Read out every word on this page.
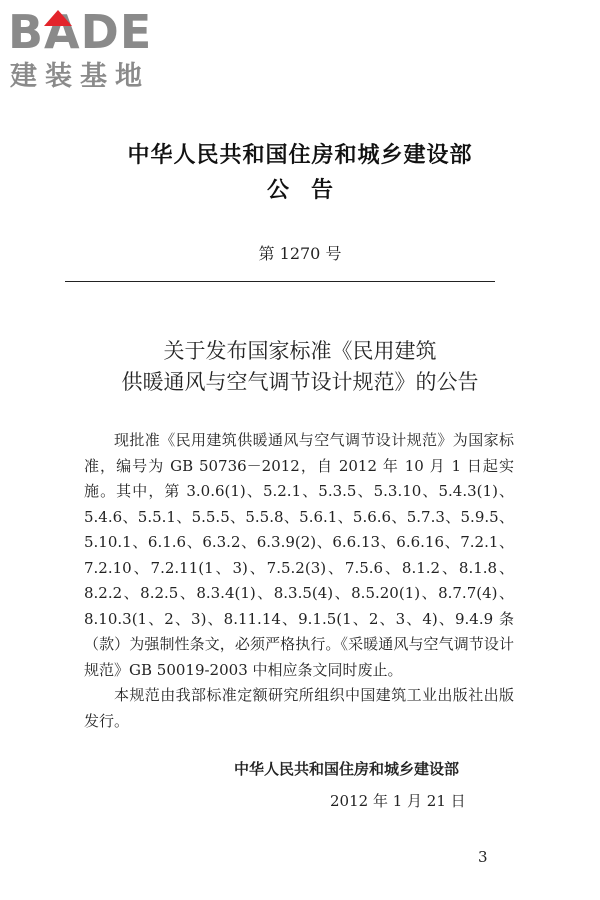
BADE
建装基地
中华人民共和国住房和城乡建设部
公告
第 1270 号
关于发布国家标准《民用建筑
供暖通风与空气调节设计规范》的公告

现批准《民用建筑供暖通风与空气调节设计规范》为国家标准，编号为 GB 50736－2012，自 2012 年 10 月 1 日起实施。其中，第 3.0.6(1)、5.2.1、5.3.5、5.3.10、5.4.3(1)、5.4.6、5.5.1、5.5.5、5.5.8、5.6.1、5.6.6、5.7.3、5.9.5、5.10.1、6.1.6、6.3.2、6.3.9(2)、6.6.13、6.6.16、7.2.1、7.2.10、7.2.11(1、3)、7.5.2(3)、7.5.6、8.1.2、8.1.8、8.2.2、8.2.5、8.3.4(1)、8.3.5(4)、8.5.20(1)、8.7.7(4)、8.10.3(1、2、3)、8.11.14、9.1.5(1、2、3、4)、9.4.9 条（款）为强制性条文，必须严格执行。《采暖通风与空气调节设计规范》GB 50019-2003 中相应条文同时废止。

本规范由我部标准定额研究所组织中国建筑工业出版社出版发行。

中华人民共和国住房和城乡建设部
2012 年 1 月 21 日
3
